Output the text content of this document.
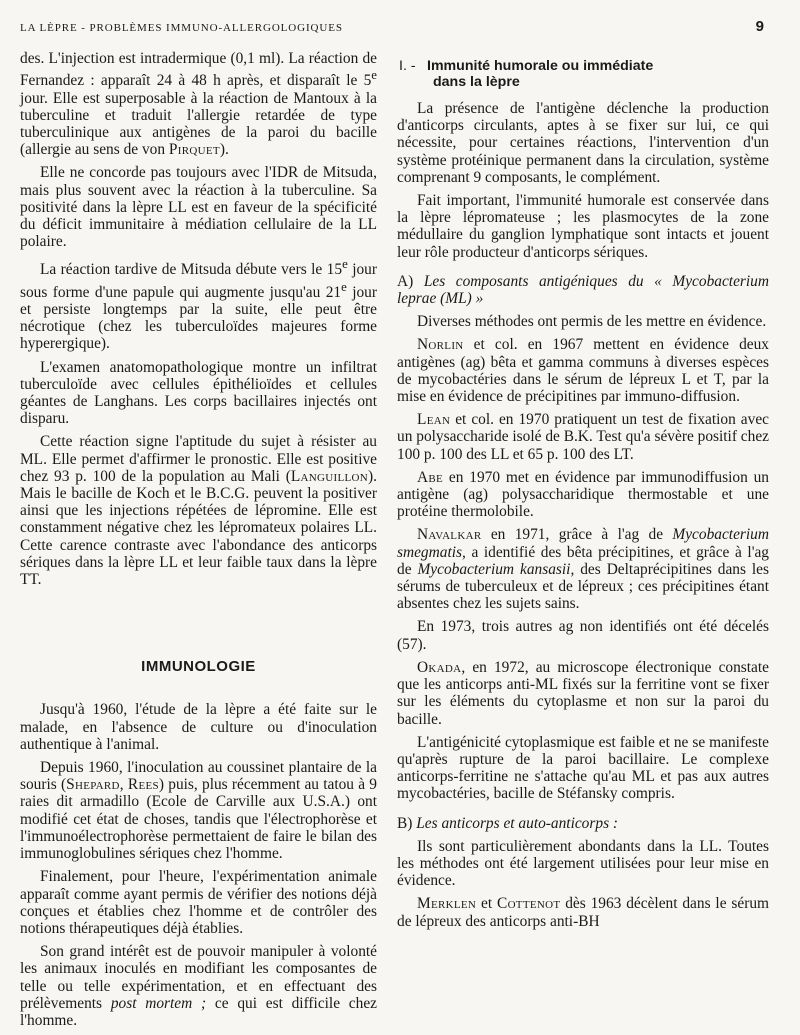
LA LÈPRE - PROBLÈMES IMMUNO-ALLERGOLOGIQUES	9

des. L'injection est intradermique (0,1 ml). La réaction de Fernandez : apparaît 24 à 48 h après, et disparaît le 5e jour. Elle est superposable à la réaction de Mantoux à la tuberculine et traduit l'allergie retardée de type tuberculinique aux antigènes de la paroi du bacille (allergie au sens de von Pirquet).

Elle ne concorde pas toujours avec l'IDR de Mitsuda, mais plus souvent avec la réaction à la tuberculine. Sa positivité dans la lèpre LL est en faveur de la spécificité du déficit immunitaire à médiation cellulaire de la LL polaire.

La réaction tardive de Mitsuda débute vers le 15e jour sous forme d'une papule qui augmente jusqu'au 21e jour et persiste longtemps par la suite, elle peut être nécrotique (chez les tuberculoïdes majeures forme hyperergique).

L'examen anatomopathologique montre un infiltrat tuberculoïde avec cellules épithélioïdes et cellules géantes de Langhans. Les corps bacillaires injectés ont disparu.

Cette réaction signe l'aptitude du sujet à résister au ML. Elle permet d'affirmer le pronostic. Elle est positive chez 93 p. 100 de la population au Mali (Languillon). Mais le bacille de Koch et le B.C.G. peuvent la positiver ainsi que les injections répétées de lépromine. Elle est constamment négative chez les lépromateux polaires LL. Cette carence contraste avec l'abondance des anticorps sériques dans la lèpre LL et leur faible taux dans la lèpre TT.

IMMUNOLOGIE

Jusqu'à 1960, l'étude de la lèpre a été faite sur le malade, en l'absence de culture ou d'inoculation authentique à l'animal.

Depuis 1960, l'inoculation au coussinet plantaire de la souris (Shepard, Rees) puis, plus récemment au tatou à 9 raies dit armadillo (Ecole de Carville aux U.S.A.) ont modifié cet état de choses, tandis que l'électrophorèse et l'immunoélectrophorèse permettaient de faire le bilan des immunoglobulines sériques chez l'homme.

Finalement, pour l'heure, l'expérimentation animale apparaît comme ayant permis de vérifier des notions déjà conçues et établies chez l'homme et de contrôler des notions thérapeutiques déjà établies.

Son grand intérêt est de pouvoir manipuler à volonté les animaux inoculés en modifiant les composantes de telle ou telle expérimentation, et en effectuant des prélèvements post mortem ; ce qui est difficile chez l'homme.

I. - Immunité humorale ou immédiate
dans la lèpre

La présence de l'antigène déclenche la production d'anticorps circulants, aptes à se fixer sur lui, ce qui nécessite, pour certaines réactions, l'intervention d'un système protéinique permanent dans la circulation, système comprenant 9 composants, le complément.

Fait important, l'immunité humorale est conservée dans la lèpre lépromateuse ; les plasmocytes de la zone médullaire du ganglion lymphatique sont intacts et jouent leur rôle producteur d'anticorps sériques.

A) Les composants antigéniques du « Mycobacterium leprae (ML) »

Diverses méthodes ont permis de les mettre en évidence.

Norlin et col. en 1967 mettent en évidence deux antigènes (ag) bêta et gamma communs à diverses espèces de mycobactéries dans le sérum de lépreux L et T, par la mise en évidence de précipitines par immuno-diffusion.

Lean et col. en 1970 pratiquent un test de fixation avec un polysaccharide isolé de B.K. Test qu'a sévère positif chez 100 p. 100 des LL et 65 p. 100 des LT.

Abe en 1970 met en évidence par immunodiffusion un antigène (ag) polysaccharidique thermostable et une protéine thermolobile.

Navalkar en 1971, grâce à l'ag de Mycobacterium smegmatis, a identifié des bêta précipitines, et grâce à l'ag de Mycobacterium kansasii, des Deltaprécipitines dans les sérums de tuberculeux et de lépreux ; ces précipitines étant absentes chez les sujets sains.

En 1973, trois autres ag non identifiés ont été décelés (57).

Okada, en 1972, au microscope électronique constate que les anticorps anti-ML fixés sur la ferritine vont se fixer sur les éléments du cytoplasme et non sur la paroi du bacille.

L'antigénicité cytoplasmique est faible et ne se manifeste qu'après rupture de la paroi bacillaire. Le complexe anticorps-ferritine ne s'attache qu'au ML et pas aux autres mycobactéries, bacille de Stéfansky compris.

B) Les anticorps et auto-anticorps :

Ils sont particulièrement abondants dans la LL. Toutes les méthodes ont été largement utilisées pour leur mise en évidence.

Merklen et Cottenot dès 1963 décèlent dans le sérum de lépreux des anticorps anti-BH
